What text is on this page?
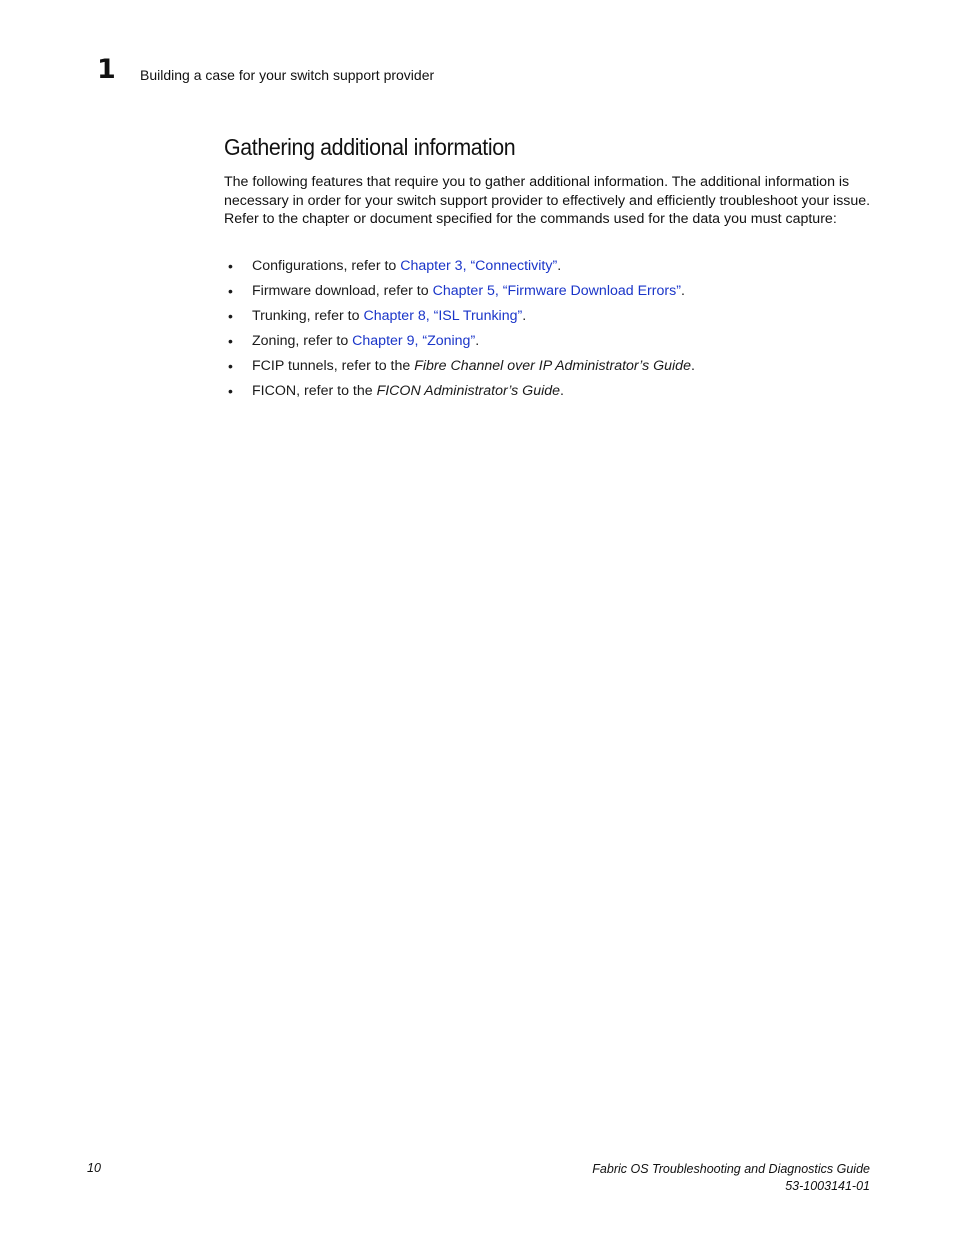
1 Building a case for your switch support provider
Gathering additional information

The following features that require you to gather additional information. The additional information is necessary in order for your switch support provider to effectively and efficiently troubleshoot your issue. Refer to the chapter or document specified for the commands used for the data you must capture:

• Configurations, refer to Chapter 3, “Connectivity”.
• Firmware download, refer to Chapter 5, “Firmware Download Errors”.
• Trunking, refer to Chapter 8, “ISL Trunking”.
• Zoning, refer to Chapter 9, “Zoning”.
• FCIP tunnels, refer to the Fibre Channel over IP Administrator’s Guide.
• FICON, refer to the FICON Administrator’s Guide.
10	Fabric OS Troubleshooting and Diagnostics Guide
53-1003141-01
